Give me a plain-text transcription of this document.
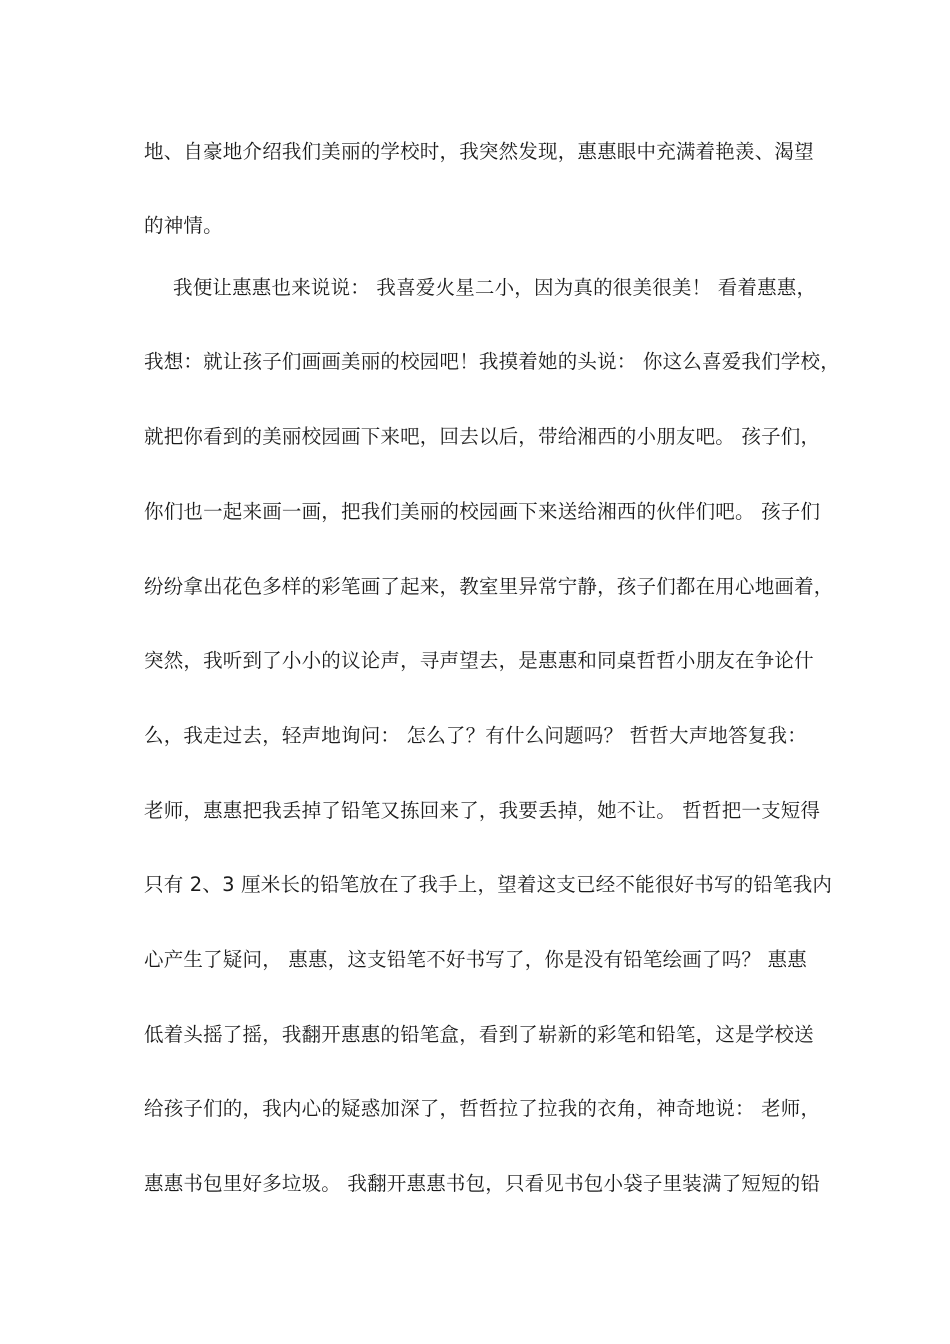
地、自豪地介绍我们美丽的学校时，我突然发现，惠惠眼中充满着艳羡、渴望
的神情。
我便让惠惠也来说说： 我喜爱火星二小，因为真的很美很美！ 看着惠惠，
我想：就让孩子们画画美丽的校园吧！我摸着她的头说： 你这么喜爱我们学校，
就把你看到的美丽校园画下来吧，回去以后，带给湘西的小朋友吧。 孩子们，
你们也一起来画一画，把我们美丽的校园画下来送给湘西的伙伴们吧。 孩子们
纷纷拿出花色多样的彩笔画了起来，教室里异常宁静，孩子们都在用心地画着，
突然，我听到了小小的议论声，寻声望去，是惠惠和同桌哲哲小朋友在争论什
么，我走过去，轻声地询问： 怎么了？有什么问题吗？ 哲哲大声地答复我：
老师，惠惠把我丢掉了铅笔又拣回来了，我要丢掉，她不让。 哲哲把一支短得
只有 2、3 厘米长的铅笔放在了我手上，望着这支已经不能很好书写的铅笔我内
心产生了疑问， 惠惠，这支铅笔不好书写了，你是没有铅笔绘画了吗？ 惠惠
低着头摇了摇，我翻开惠惠的铅笔盒，看到了崭新的彩笔和铅笔，这是学校送
给孩子们的，我内心的疑惑加深了，哲哲拉了拉我的衣角，神奇地说： 老师，
惠惠书包里好多垃圾。 我翻开惠惠书包，只看见书包小袋子里装满了短短的铅
